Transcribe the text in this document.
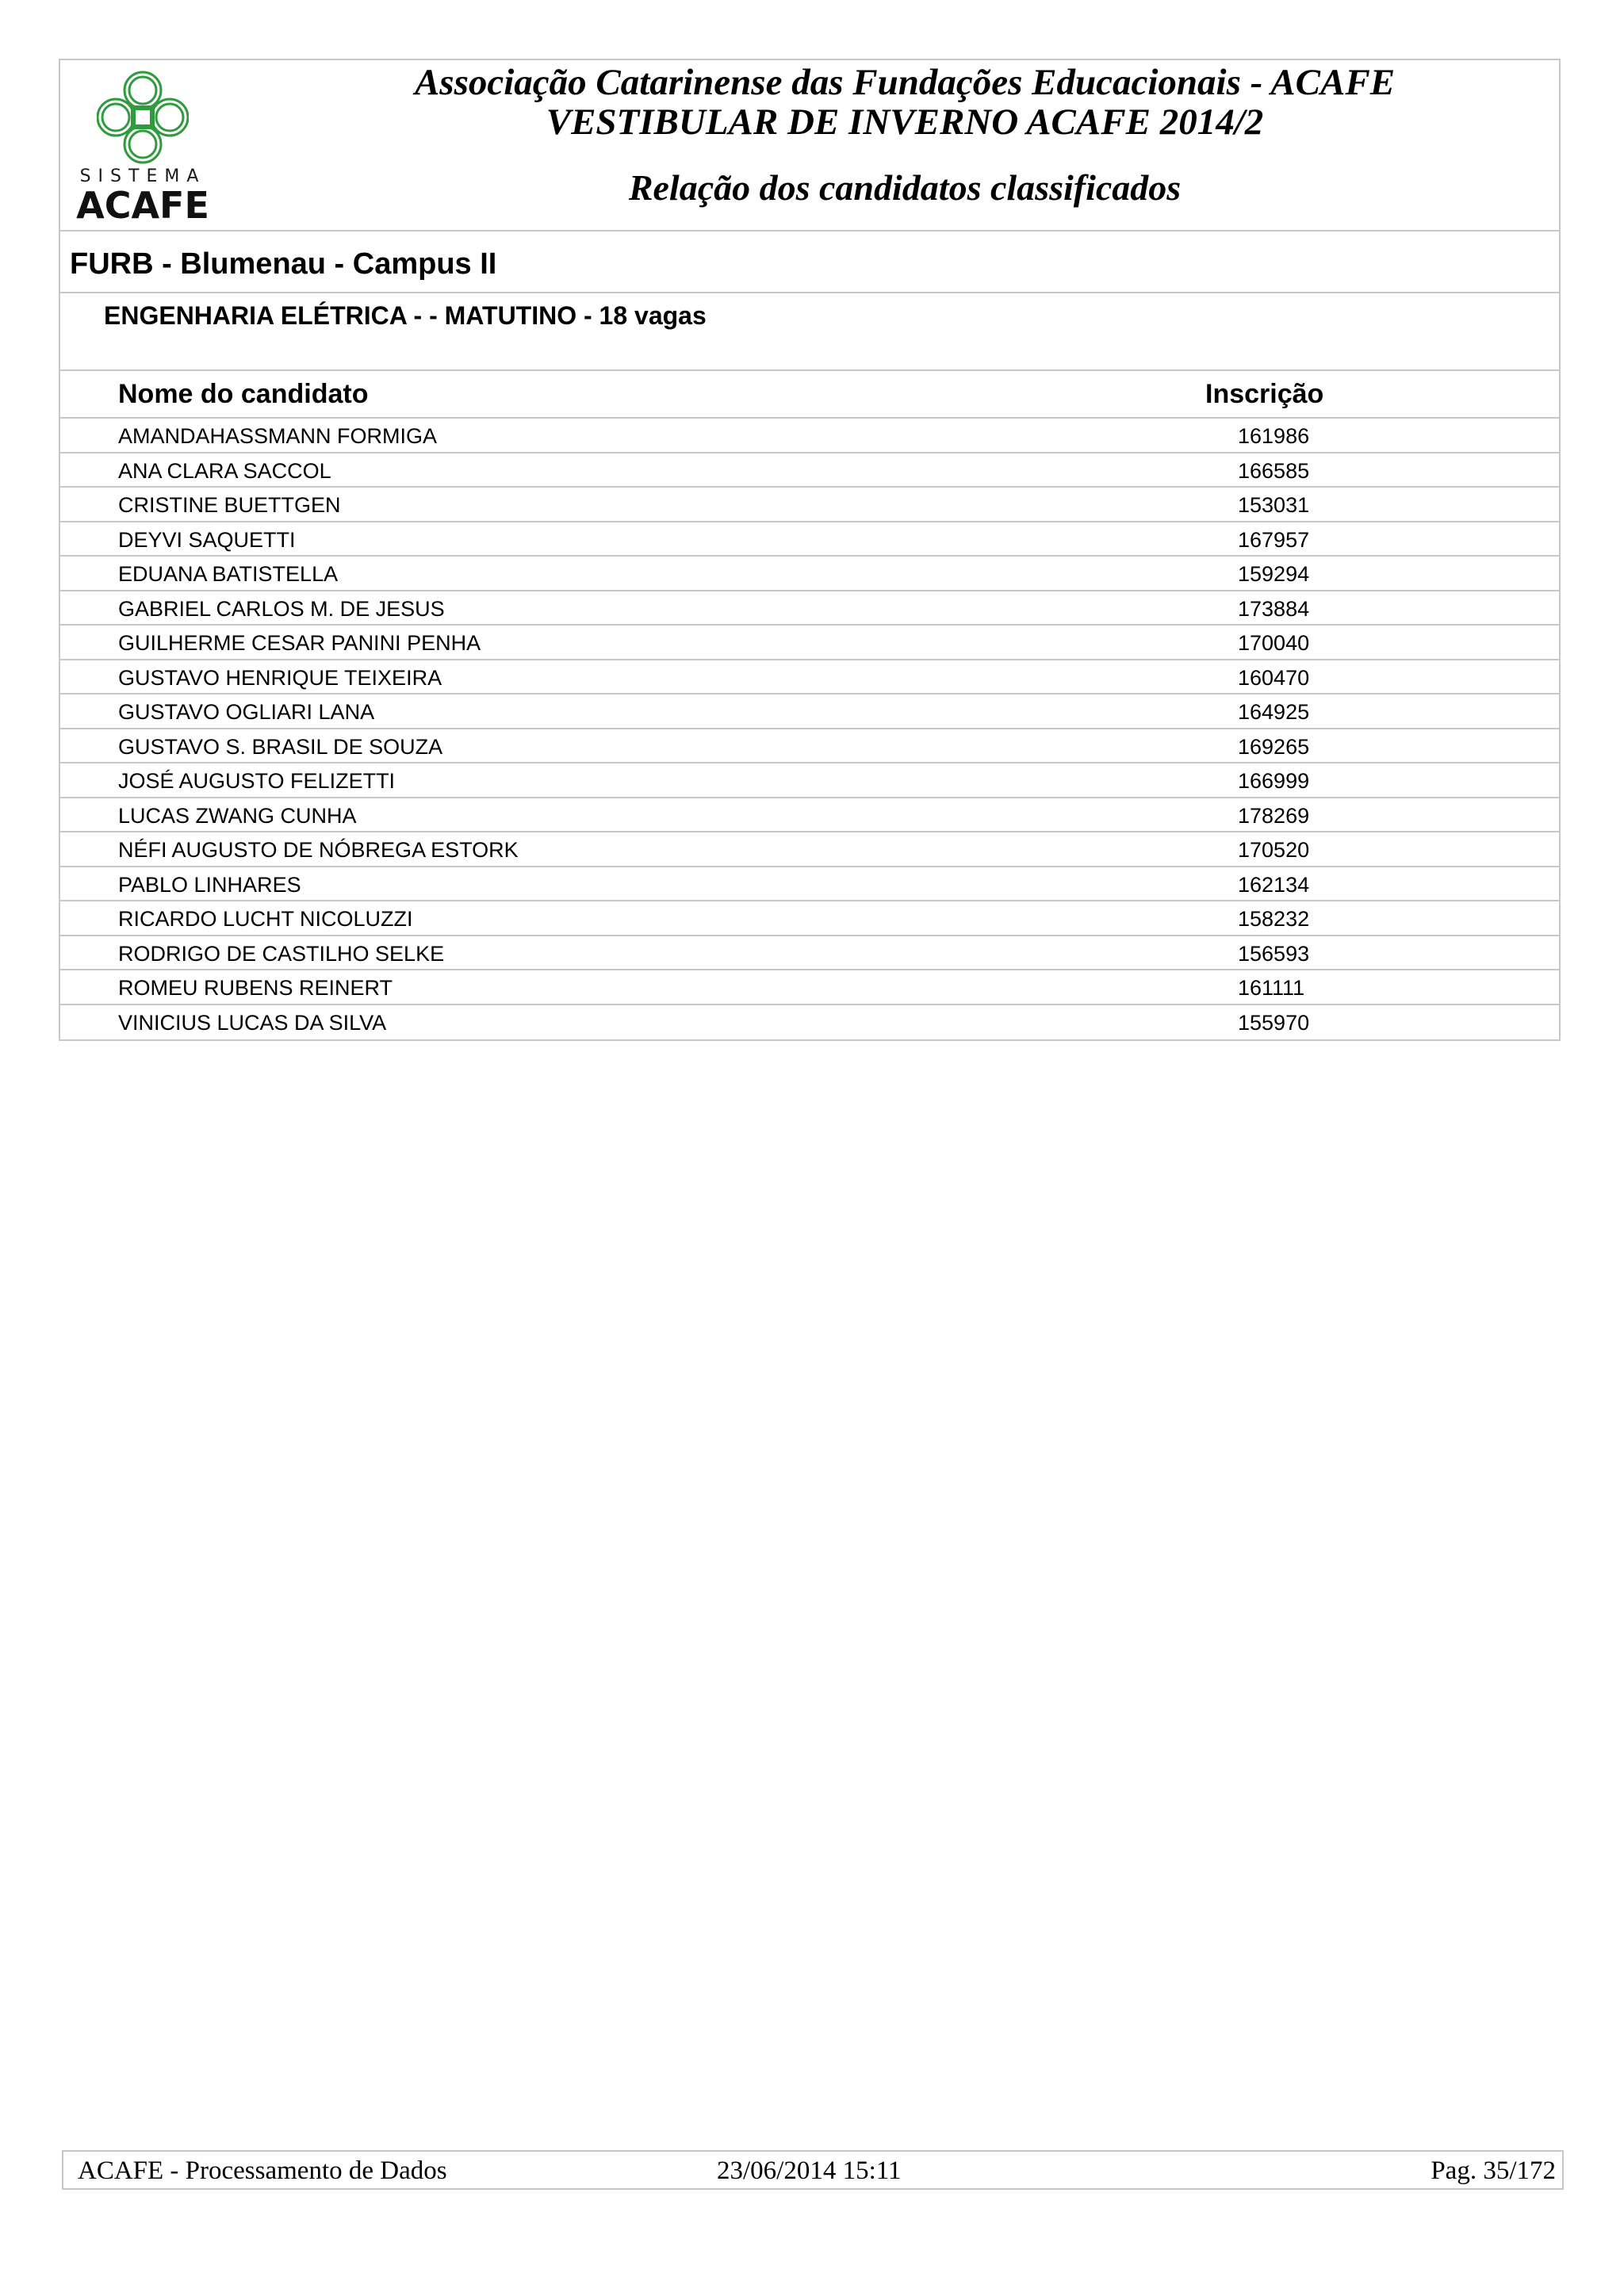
SISTEMA
ACAFE
Associação Catarinense das Fundações Educacionais - ACAFE
VESTIBULAR DE INVERNO ACAFE 2014/2
Relação dos candidatos classificados
FURB - Blumenau - Campus II
ENGENHARIA ELÉTRICA - - MATUTINO - 18 vagas
Nome do candidato	Inscrição
AMANDAHASSMANN FORMIGA	161986
ANA CLARA SACCOL	166585
CRISTINE BUETTGEN	153031
DEYVI SAQUETTI	167957
EDUANA BATISTELLA	159294
GABRIEL CARLOS M. DE JESUS	173884
GUILHERME CESAR PANINI PENHA	170040
GUSTAVO HENRIQUE TEIXEIRA	160470
GUSTAVO OGLIARI LANA	164925
GUSTAVO S. BRASIL DE SOUZA	169265
JOSÉ AUGUSTO FELIZETTI	166999
LUCAS ZWANG CUNHA	178269
NÉFI AUGUSTO DE NÓBREGA ESTORK	170520
PABLO LINHARES	162134
RICARDO LUCHT NICOLUZZI	158232
RODRIGO DE CASTILHO SELKE	156593
ROMEU RUBENS REINERT	161111
VINICIUS LUCAS DA SILVA	155970
ACAFE - Processamento de Dados	23/06/2014 15:11	Pag. 35/172
